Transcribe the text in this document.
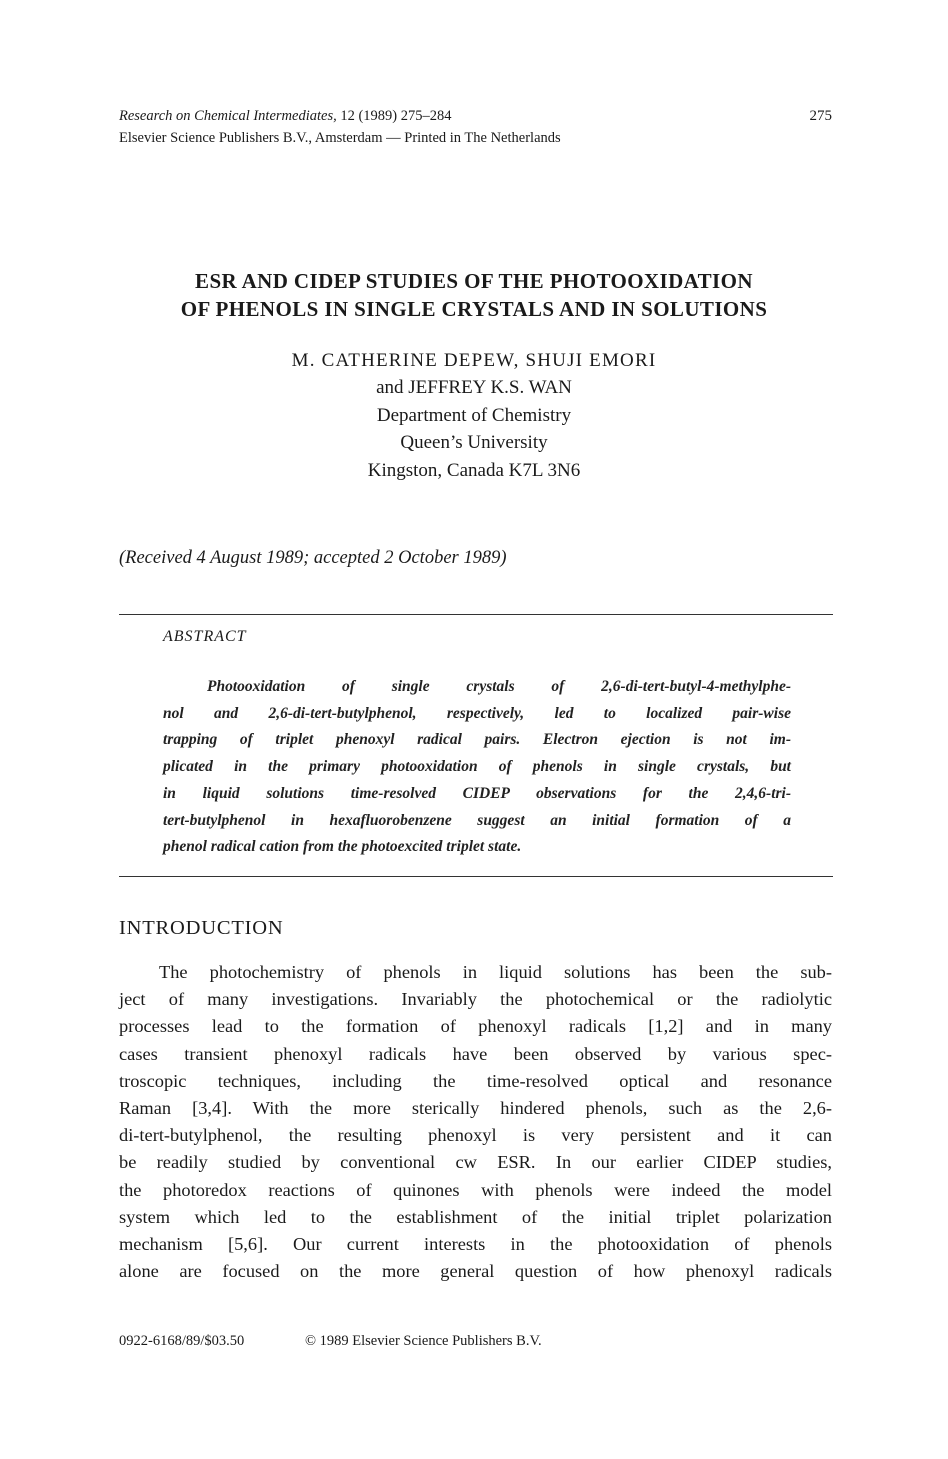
Research on Chemical Intermediates, 12 (1989) 275–284
Elsevier Science Publishers B.V., Amsterdam — Printed in The Netherlands
275
ESR AND CIDEP STUDIES OF THE PHOTOOXIDATION
OF PHENOLS IN SINGLE CRYSTALS AND IN SOLUTIONS
M. CATHERINE DEPEW, SHUJI EMORI
and JEFFREY K.S. WAN
Department of Chemistry
Queen’s University
Kingston, Canada K7L 3N6
(Received 4 August 1989; accepted 2 October 1989)
ABSTRACT
Photooxidation of single crystals of 2,6-di-tert-butyl-4-methylphe-
nol and 2,6-di-tert-butylphenol, respectively, led to localized pair-wise
trapping of triplet phenoxyl radical pairs. Electron ejection is not im-
plicated in the primary photooxidation of phenols in single crystals, but
in liquid solutions time-resolved CIDEP observations for the 2,4,6-tri-
tert-butylphenol in hexafluorobenzene suggest an initial formation of a
phenol radical cation from the photoexcited triplet state.
INTRODUCTION
The photochemistry of phenols in liquid solutions has been the sub-
ject of many investigations. Invariably the photochemical or the radiolytic
processes lead to the formation of phenoxyl radicals [1,2] and in many
cases transient phenoxyl radicals have been observed by various spec-
troscopic techniques, including the time-resolved optical and resonance
Raman [3,4]. With the more sterically hindered phenols, such as the 2,6-
di-tert-butylphenol, the resulting phenoxyl is very persistent and it can
be readily studied by conventional cw ESR. In our earlier CIDEP studies,
the photoredox reactions of quinones with phenols were indeed the model
system which led to the establishment of the initial triplet polarization
mechanism [5,6]. Our current interests in the photooxidation of phenols
alone are focused on the more general question of how phenoxyl radicals
0922-6168/89/$03.50	© 1989 Elsevier Science Publishers B.V.
